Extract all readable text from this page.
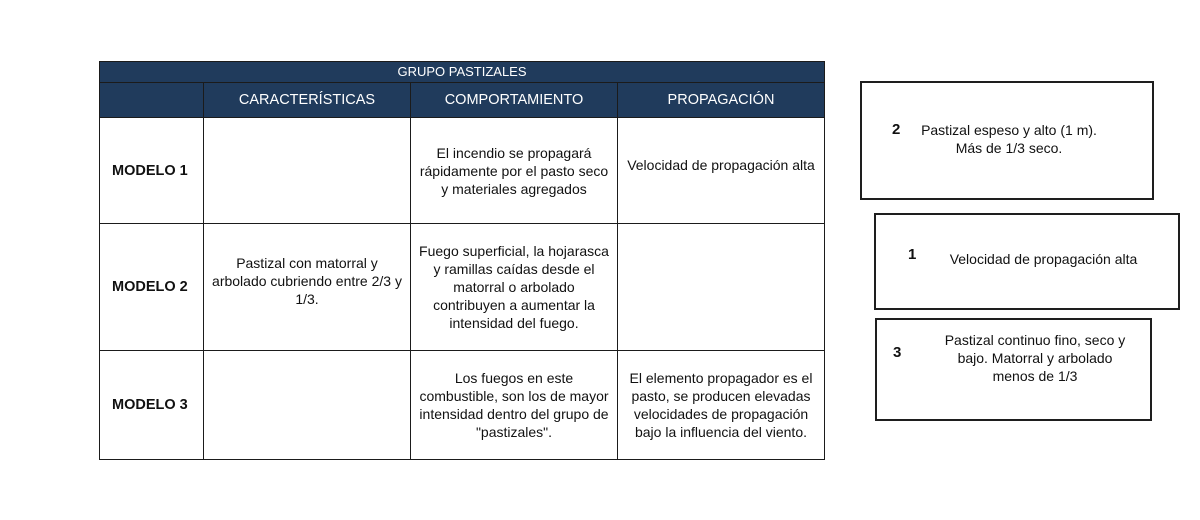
GRUPO PASTIZALES			
	CARACTERÍSTICAS	COMPORTAMIENTO	PROPAGACIÓN
MODELO 1		El incendio se propagará rápidamente por el pasto seco y materiales agregados	Velocidad de propagación alta
MODELO 2	Pastizal con matorral y arbolado cubriendo entre 2/3 y 1/3.	Fuego superficial, la hojarasca y ramillas caídas desde el matorral o arbolado contribuyen a aumentar la intensidad del fuego.	
MODELO 3		Los fuegos en este combustible, son los de mayor intensidad dentro del grupo de "pastizales".	El elemento propagador es el pasto, se producen elevadas velocidades de propagación bajo la influencia del viento.
2	Pastizal espeso y alto (1 m). Más de 1/3 seco.
1 Velocidad de propagación alta
3
Pastizal continuo fino, seco y bajo. Matorral y arbolado menos de 1/3
